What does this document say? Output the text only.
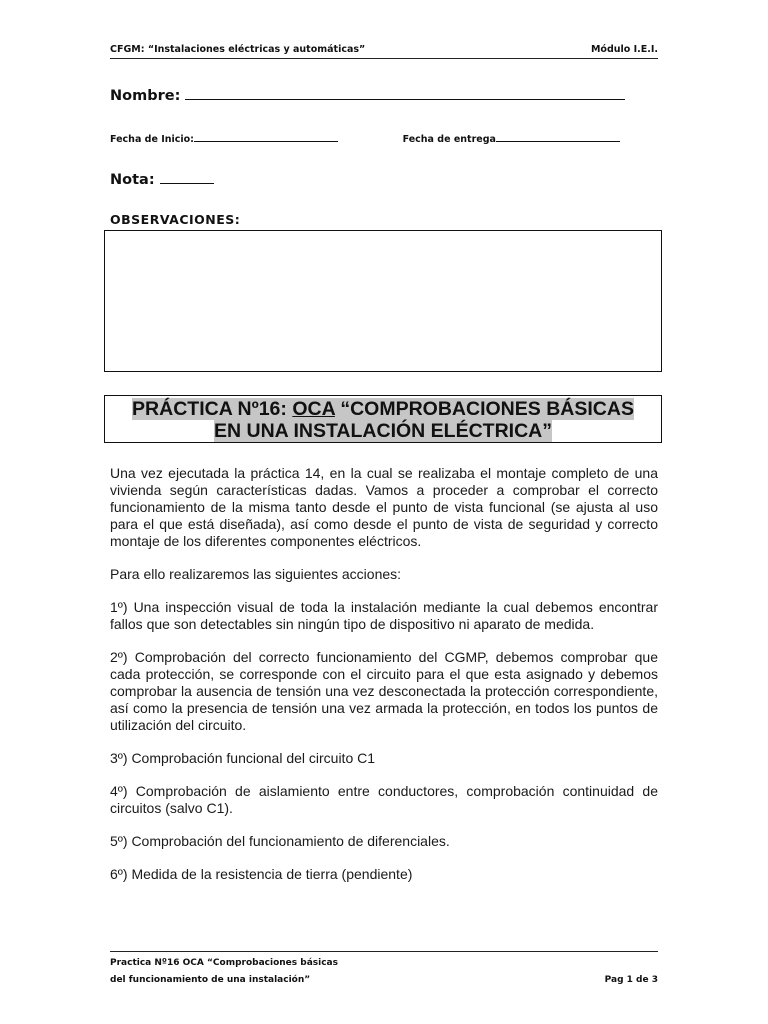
CFGM: “Instalaciones eléctricas y automáticas”	Módulo I.E.I.
Nombre:
Fecha de Inicio:	Fecha de entrega
Nota:
OBSERVACIONES:
PRÁCTICA Nº16: OCA “COMPROBACIONES BÁSICAS
EN UNA INSTALACIÓN ELÉCTRICA”

Una vez ejecutada la práctica 14, en la cual se realizaba el montaje completo de una vivienda según características dadas. Vamos a proceder a comprobar el correcto funcionamiento de la misma tanto desde el punto de vista funcional (se ajusta al uso para el que está diseñada), así como desde el punto de vista de seguridad y correcto montaje de los diferentes componentes eléctricos.

Para ello realizaremos las siguientes acciones:

1º) Una inspección visual de toda la instalación mediante la cual debemos encontrar fallos que son detectables sin ningún tipo de dispositivo ni aparato de medida.

2º) Comprobación del correcto funcionamiento del CGMP, debemos comprobar que cada protección, se corresponde con el circuito para el que esta asignado y debemos comprobar la ausencia de tensión una vez desconectada la protección correspondiente, así como la presencia de tensión una vez armada la protección, en todos los puntos de utilización del circuito.

3º) Comprobación funcional del circuito C1

4º) Comprobación de aislamiento entre conductores, comprobación continuidad de circuitos (salvo C1).

5º) Comprobación del funcionamiento de diferenciales.

6º) Medida de la resistencia de tierra (pendiente)

Practica Nº16 OCA “Comprobaciones básicas
del funcionamiento de una instalación”	Pag 1 de 3
